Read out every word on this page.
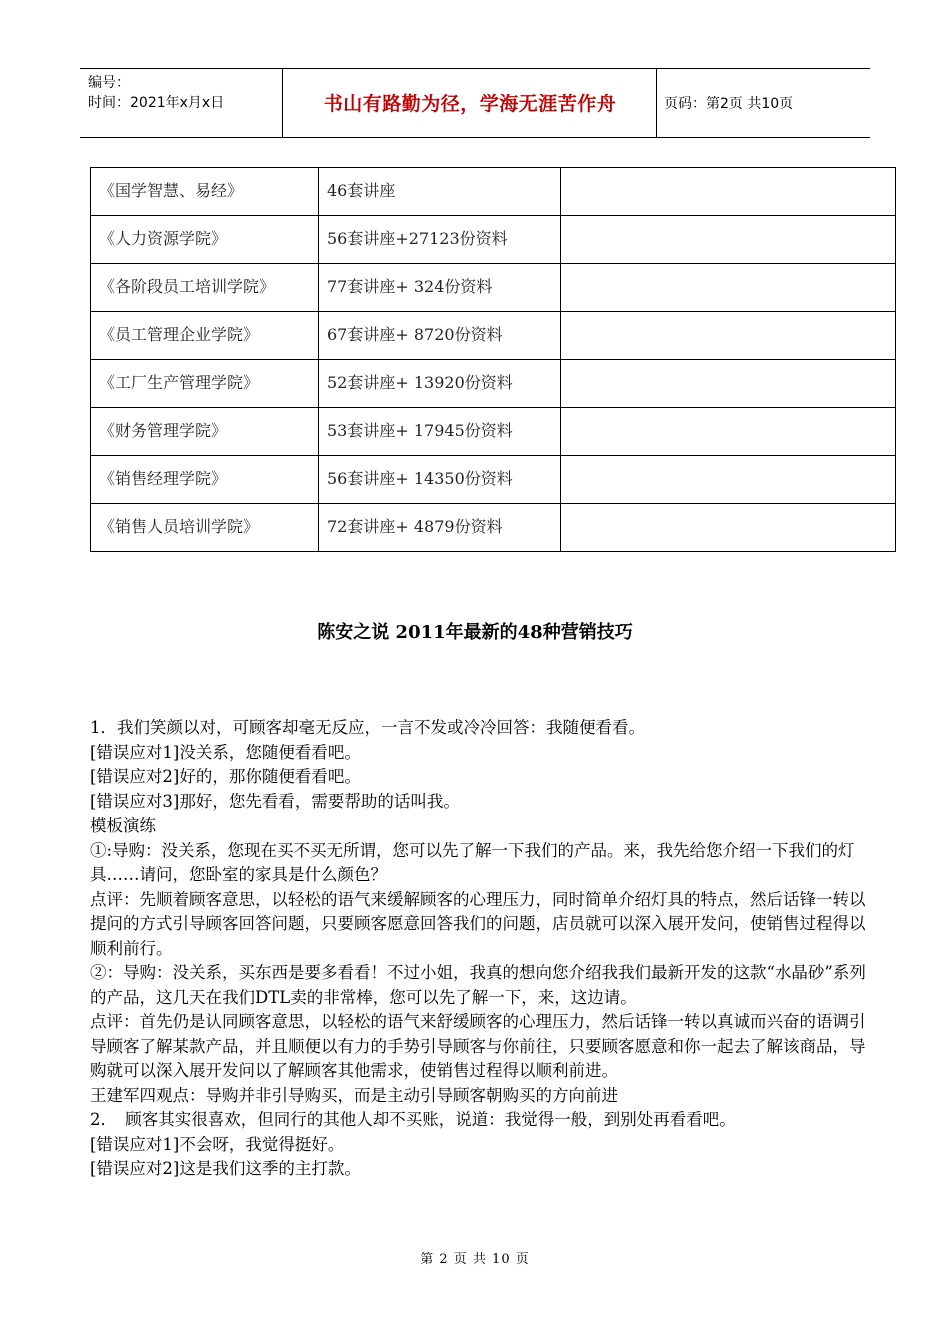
编号：
时间：2021年x月x日	书山有路勤为径，学海无涯苦作舟	页码：第2页 共10页
《国学智慧、易经》	46套讲座	
《人力资源学院》	56套讲座+27123份资料	
《各阶段员工培训学院》	77套讲座+ 324份资料	
《员工管理企业学院》	67套讲座+ 8720份资料	
《工厂生产管理学院》	52套讲座+ 13920份资料	
《财务管理学院》	53套讲座+ 17945份资料	
《销售经理学院》	56套讲座+ 14350份资料	
《销售人员培训学院》	72套讲座+ 4879份资料	
陈安之说 2011年最新的48种营销技巧

1．我们笑颜以对，可顾客却毫无反应，一言不发或冷冷回答：我随便看看。

[错误应对1]没关系，您随便看看吧。

[错误应对2]好的，那你随便看看吧。

[错误应对3]那好，您先看看，需要帮助的话叫我。

模板演练

①:导购：没关系，您现在买不买无所谓，您可以先了解一下我们的产品。来，我先给您介绍一下我们的灯具……请问，您卧室的家具是什么颜色？

点评：先顺着顾客意思，以轻松的语气来缓解顾客的心理压力，同时简单介绍灯具的特点，然后话锋一转以提问的方式引导顾客回答问题，只要顾客愿意回答我们的问题，店员就可以深入展开发问，使销售过程得以顺利前行。

②：导购：没关系，买东西是要多看看！不过小姐，我真的想向您介绍我我们最新开发的这款“水晶砂”系列的产品，这几天在我们DTL卖的非常棒，您可以先了解一下，来，这边请。

点评：首先仍是认同顾客意思，以轻松的语气来舒缓顾客的心理压力，然后话锋一转以真诚而兴奋的语调引导顾客了解某款产品，并且顺便以有力的手势引导顾客与你前往，只要顾客愿意和你一起去了解该商品，导购就可以深入展开发问以了解顾客其他需求，使销售过程得以顺利前进。

王建军四观点：导购并非引导购买，而是主动引导顾客朝购买的方向前进

2．　顾客其实很喜欢，但同行的其他人却不买账，说道：我觉得一般，到别处再看看吧。

[错误应对1]不会呀，我觉得挺好。

[错误应对2]这是我们这季的主打款。

第 2 页 共 10 页
